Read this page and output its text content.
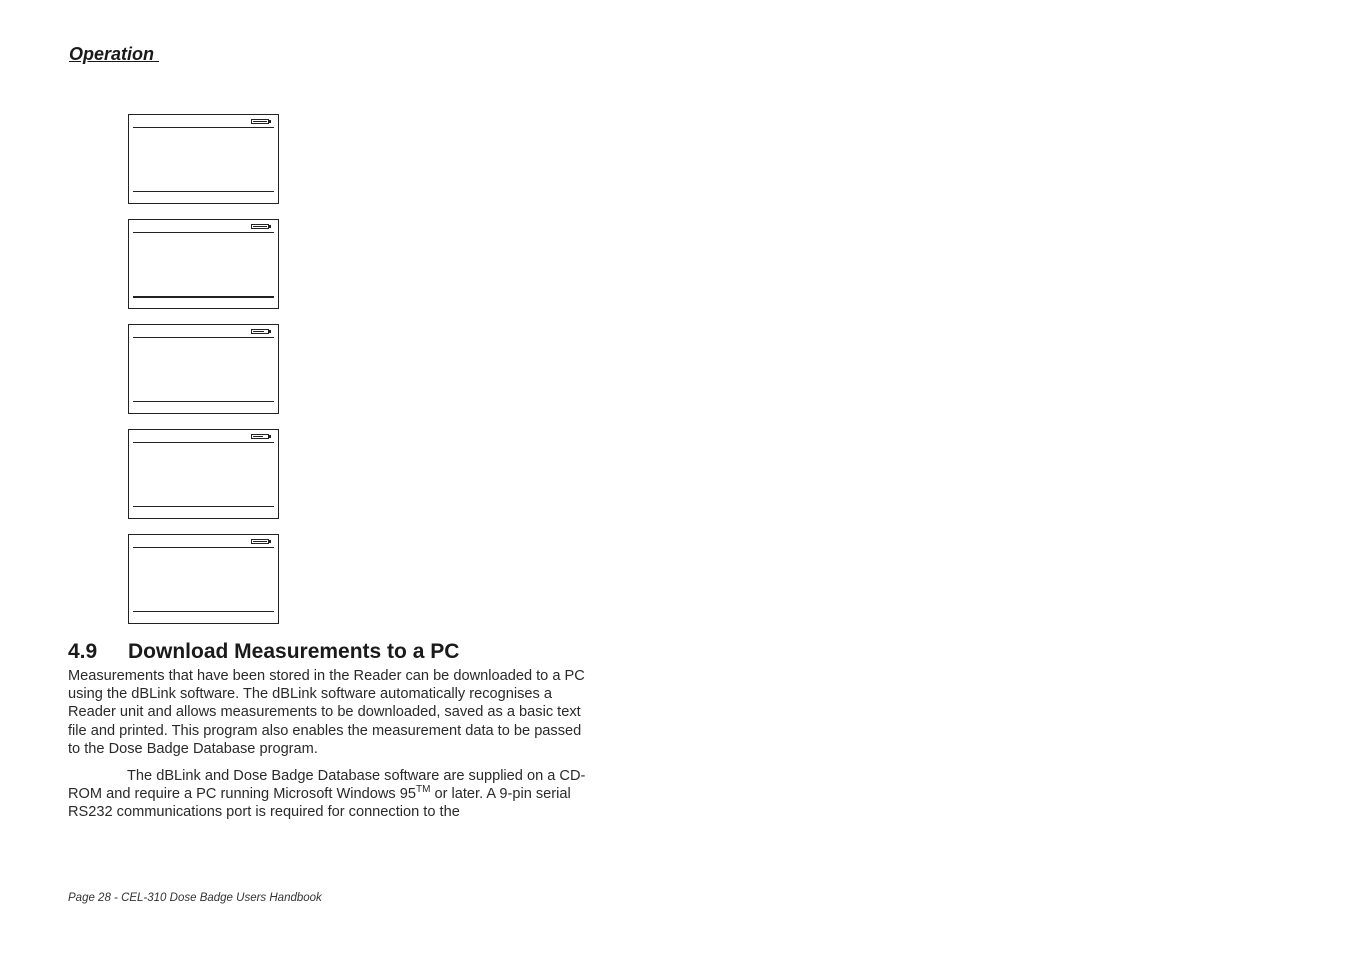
Operation
4.9 Download Measurements to a PC
Measurements that have been stored in the Reader can be downloaded to a PC using the dBLink software. The dBLink software automatically recognises a Reader unit and allows measurements to be downloaded, saved as a basic text file and printed. This program also enables the measurement data to be passed to the Dose Badge Database program.
The dBLink and Dose Badge Database software are supplied on a CD-ROM and require a PC running Microsoft Windows 95™ or later. A 9-pin serial RS232 communications port is required for connection to the
Page 28 - CEL-310 Dose Badge Users Handbook
